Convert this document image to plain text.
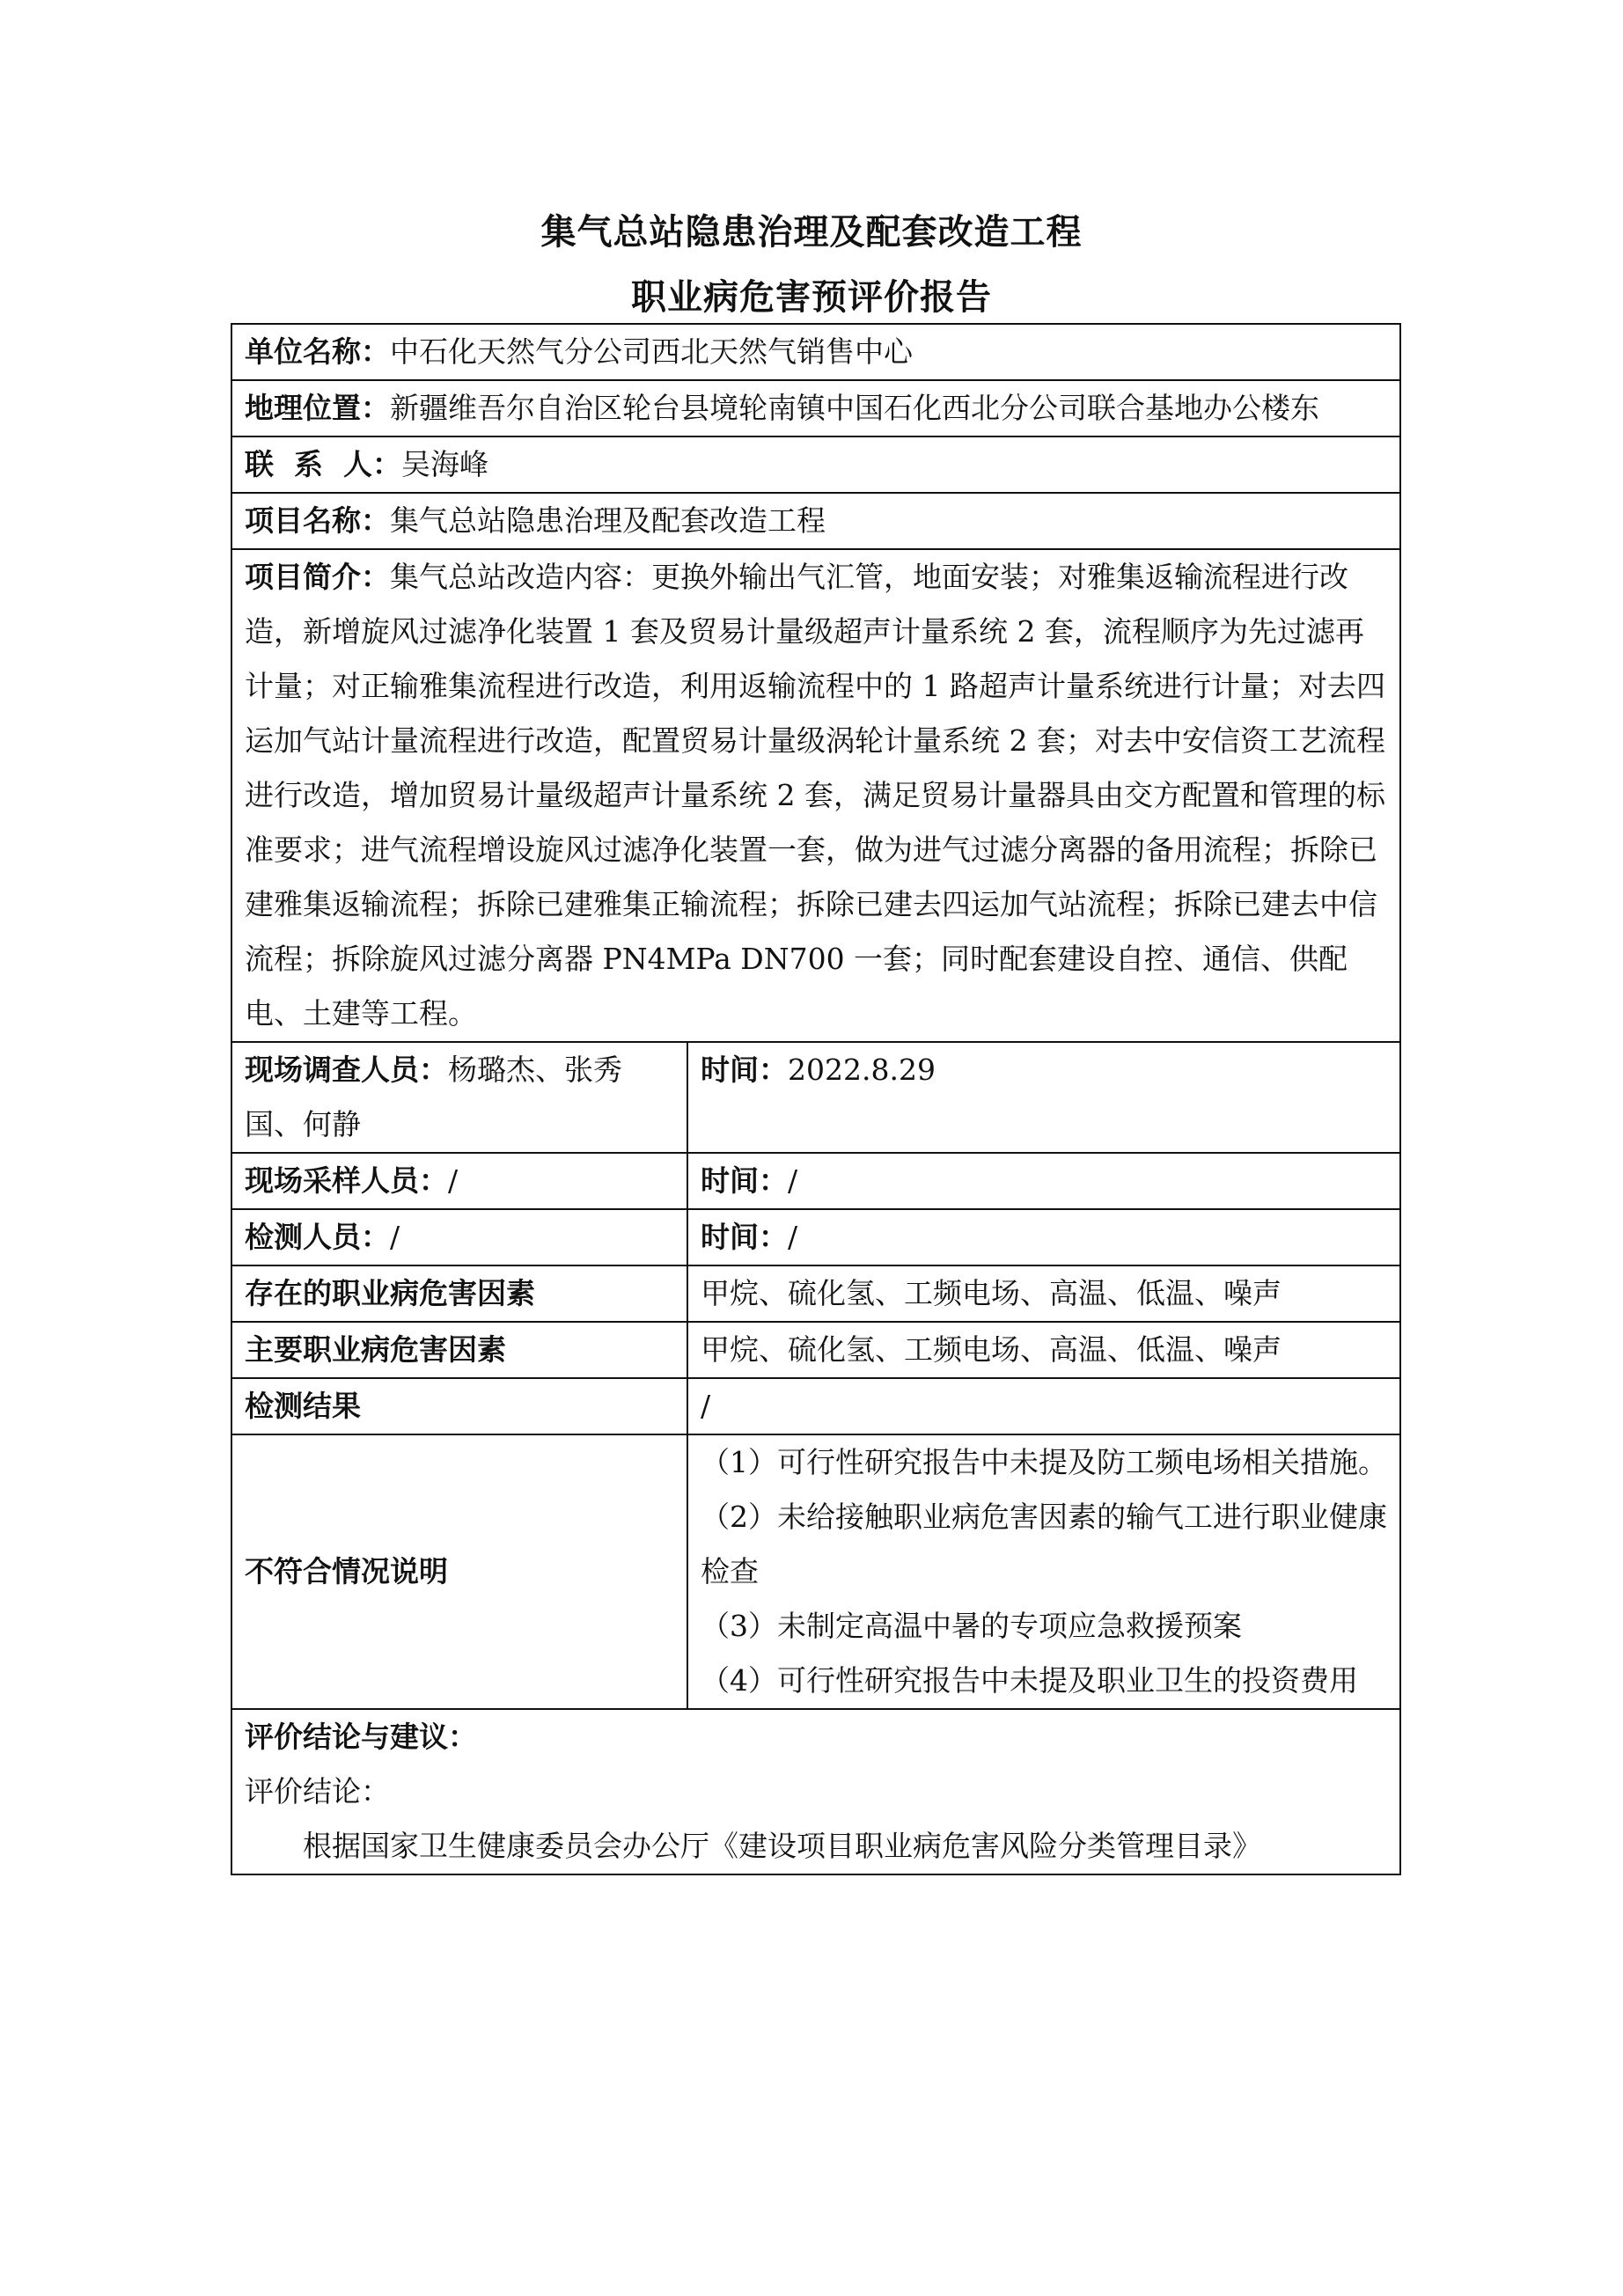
集气总站隐患治理及配套改造工程
职业病危害预评价报告
单位名称：中石化天然气分公司西北天然气销售中心	
地理位置：新疆维吾尔自治区轮台县境轮南镇中国石化西北分公司联合基地办公楼东	
联  系  人：吴海峰	
项目名称：集气总站隐患治理及配套改造工程	
项目简介：集气总站改造内容：更换外输出气汇管，地面安装；对雅集返输流程进行改造，新增旋风过滤净化装置 1 套及贸易计量级超声计量系统 2 套，流程顺序为先过滤再计量；对正输雅集流程进行改造，利用返输流程中的 1 路超声计量系统进行计量；对去四运加气站计量流程进行改造，配置贸易计量级涡轮计量系统 2 套；对去中安信资工艺流程进行改造，增加贸易计量级超声计量系统 2 套，满足贸易计量器具由交方配置和管理的标准要求；进气流程增设旋风过滤净化装置一套，做为进气过滤分离器的备用流程；拆除已建雅集返输流程；拆除已建雅集正输流程；拆除已建去四运加气站流程；拆除已建去中信流程；拆除旋风过滤分离器 PN4MPa DN700 一套；同时配套建设自控、通信、供配电、土建等工程。	
现场调查人员：杨璐杰、张秀国、何静	时间：2022.8.29
现场采样人员：/	时间：/
检测人员：/	时间：/
存在的职业病危害因素	甲烷、硫化氢、工频电场、高温、低温、噪声
主要职业病危害因素	甲烷、硫化氢、工频电场、高温、低温、噪声
检测结果	/
不符合情况说明	（1）可行性研究报告中未提及防工频电场相关措施。
（2）未给接触职业病危害因素的输气工进行职业健康检查
（3）未制定高温中暑的专项应急救援预案
（4）可行性研究报告中未提及职业卫生的投资费用

评价结论与建议：
评价结论：
根据国家卫生健康委员会办公厅《建设项目职业病危害风险分类管理目录》	
